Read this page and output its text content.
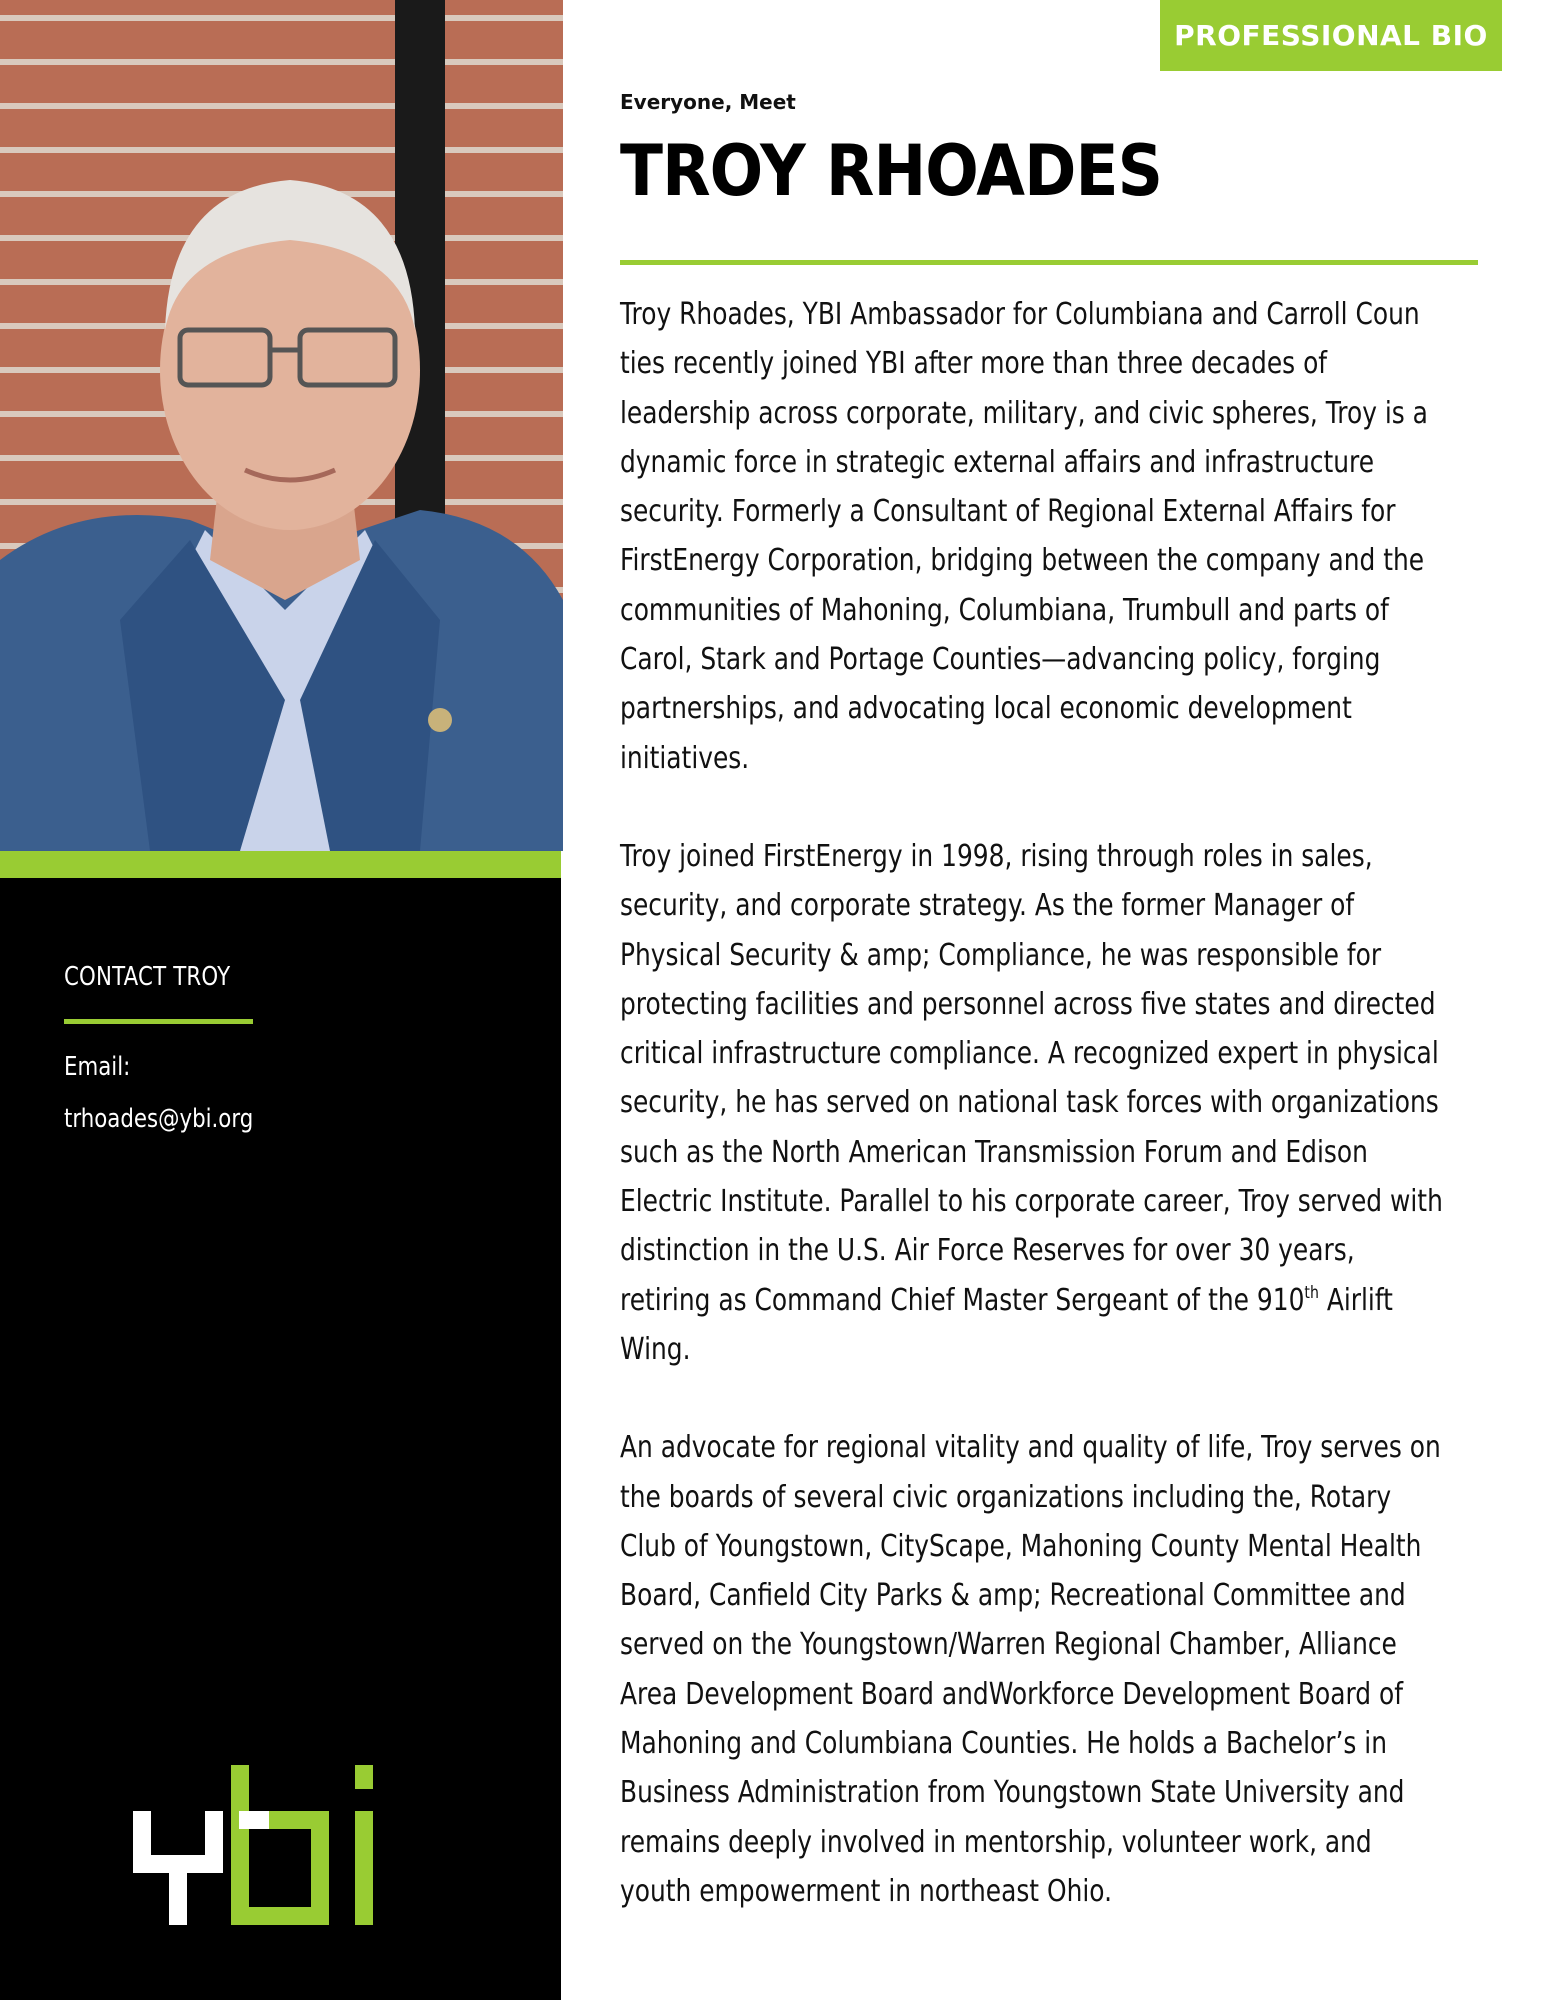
CONTACT TROY
Email:
trhoades@ybi.org
PROFESSIONAL BIO
Everyone, Meet
TROY RHOADES

Troy Rhoades, YBI Ambassador for Columbiana and Carroll Coun ties recently joined YBI after more than three decades of leadership across corporate, military, and civic spheres, Troy is a dynamic force in strategic external affairs and infrastructure security. Formerly a Consultant of Regional External Affairs for FirstEnergy Corporation, bridging between the company and the communities of Mahoning, Columbiana, Trumbull and parts of Carol, Stark and Portage Counties—advancing policy, forging partnerships, and advocating local economic development initiatives.

Troy joined FirstEnergy in 1998, rising through roles in sales, security, and corporate strategy. As the former Manager of Physical Security & amp; Compliance, he was responsible for protecting facilities and personnel across five states and directed critical infrastructure compliance. A recognized expert in physical security, he has served on national task forces with organizations such as the North American Transmission Forum and Edison Electric Institute. Parallel to his corporate career, Troy served with distinction in the U.S. Air Force Reserves for over 30 years, retiring as Command Chief Master Sergeant of the 910th Airlift Wing.

An advocate for regional vitality and quality of life, Troy serves on the boards of several civic organizations including the, Rotary Club of Youngstown, CityScape, Mahoning County Mental Health Board, Canfield City Parks & amp; Recreational Committee and served on the Youngstown/Warren Regional Chamber, Alliance Area Development Board andWorkforce Development Board of Mahoning and Columbiana Counties. He holds a Bachelor’s in Business Administration from Youngstown State University and remains deeply involved in mentorship, volunteer work, and youth empowerment in northeast Ohio.
